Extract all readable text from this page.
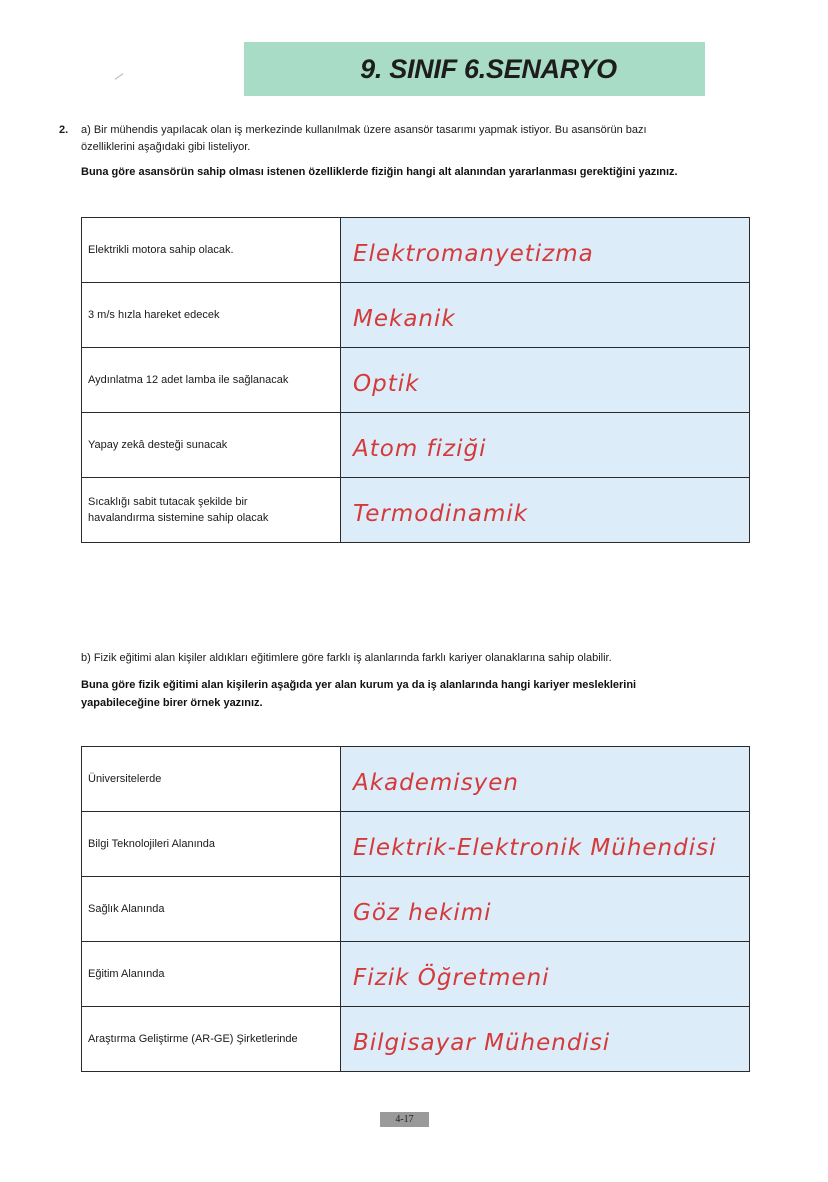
9. SINIF 6.SENARYO
2. a) Bir mühendis yapılacak olan iş merkezinde kullanılmak üzere asansör tasarımı yapmak istiyor. Bu asansörün bazı
özelliklerini aşağıdaki gibi listeliyor.
Buna göre asansörün sahip olması istenen özelliklerde fiziğin hangi alt alanından yararlanması gerektiğini yazınız.
Elektrikli motora sahip olacak.	Elektromanyetizma
3 m/s hızla hareket edecek	Mekanik
Aydınlatma 12 adet lamba ile sağlanacak	Optik
Yapay zekâ desteği sunacak	Atom fiziği

Sıcaklığı sabit tutacak şekilde bir
havalandırma sistemine sahip olacak	Termodinamik
b) Fizik eğitimi alan kişiler aldıkları eğitimlere göre farklı iş alanlarında farklı kariyer olanaklarına sahip olabilir.
Buna göre fizik eğitimi alan kişilerin aşağıda yer alan kurum ya da iş alanlarında hangi kariyer mesleklerini
yapabileceğine birer örnek yazınız.
Üniversitelerde	Akademisyen
Bilgi Teknolojileri Alanında	Elektrik-Elektronik Mühendisi
Sağlık Alanında	Göz hekimi
Eğitim Alanında	Fizik Öğretmeni
Araştırma Geliştirme (AR-GE) Şirketlerinde	Bilgisayar Mühendisi
4-17
